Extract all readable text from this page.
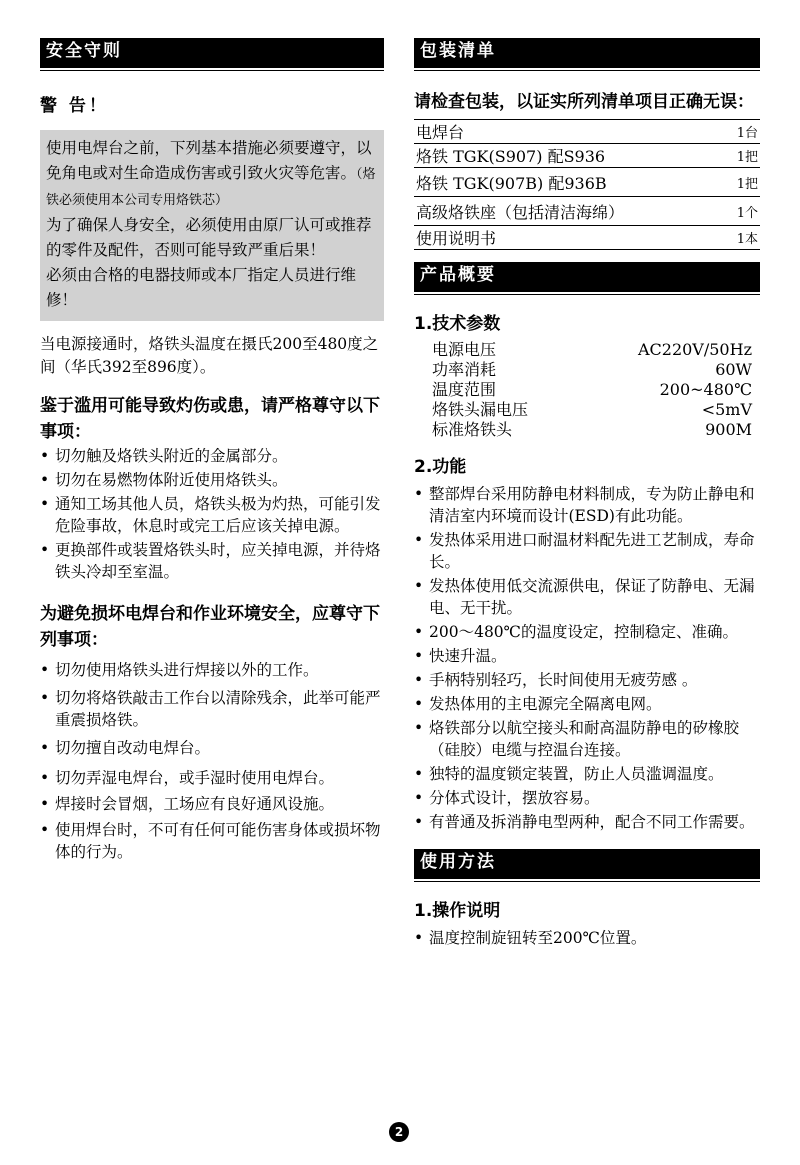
安全守则
警 告！
使用电焊台之前，下列基本措施必须要遵守，以免角电或对生命造成伤害或引致火灾等危害。（烙铁必须使用本公司专用烙铁芯）
为了确保人身安全，必须使用由原厂认可或推荐的零件及配件，否则可能导致严重后果！
必须由合格的电器技师或本厂指定人员进行维修！
当电源接通时，烙铁头温度在摄氏200至480度之间（华氏392至896度）。
鉴于滥用可能导致灼伤或患，请严格尊守以下事项：
• 切勿触及烙铁头附近的金属部分。
• 切勿在易燃物体附近使用烙铁头。
• 通知工场其他人员，烙铁头极为灼热，可能引发危险事故，休息时或完工后应该关掉电源。
• 更换部件或装置烙铁头时，应关掉电源，并待烙铁头冷却至室温。
为避免损坏电焊台和作业环境安全，应尊守下列事项：
• 切勿使用烙铁头进行焊接以外的工作。
• 切勿将烙铁敲击工作台以清除残余，此举可能严重震损烙铁。
• 切勿擅自改动电焊台。
• 切勿弄湿电焊台，或手湿时使用电焊台。
• 焊接时会冒烟，工场应有良好通风设施。
• 使用焊台时，不可有任何可能伤害身体或损坏物体的行为。
包装清单
请检查包装，以证实所列清单项目正确无误：
电焊台	1台
烙铁 TGK(S907) 配S936	1把
烙铁 TGK(907B) 配936B	1把
高级烙铁座（包括清洁海绵）	1个
使用说明书	1本
产品概要
1.技术参数
电源电压	AC220V/50Hz
功率消耗	60W
温度范围	200~480℃
烙铁头漏电压	<5mV
标准烙铁头	900M
2.功能
• 整部焊台采用防静电材料制成，专为防止静电和清洁室内环境而设计(ESD)有此功能。
• 发热体采用进口耐温材料配先进工艺制成，寿命长。
• 发热体使用低交流源供电，保证了防静电、无漏电、无干扰。
• 200～480℃的温度设定，控制稳定、准确。
• 快速升温。
• 手柄特别轻巧，长时间使用无疲劳感 。
• 发热体用的主电源完全隔离电网。
• 烙铁部分以航空接头和耐高温防静电的矽橡胶（硅胶）电缆与控温台连接。
• 独特的温度锁定装置，防止人员滥调温度。
• 分体式设计，摆放容易。
• 有普通及拆消静电型两种，配合不同工作需要。
使用方法
1.操作说明
• 温度控制旋钮转至200℃位置。
2
